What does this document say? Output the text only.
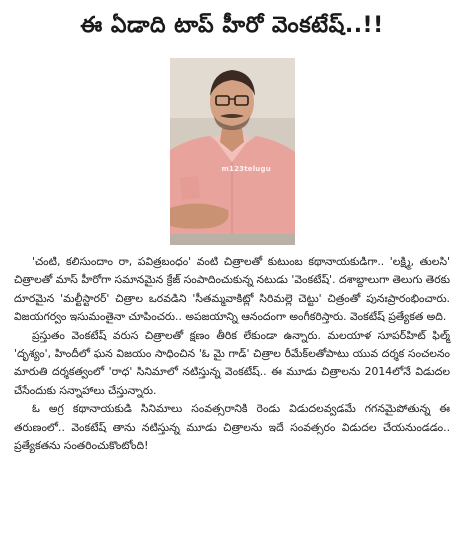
ఈ ఏడాది టాప్ హీరో వెంకటేష్..!!
m123telugu

'చంటి, కలిసుందాం రా, పవిత్రబంధం' వంటి చిత్రాలతో కుటుంబ కథానాయకుడిగా.. 'లక్ష్మి, తులసి' చిత్రాలతో మాస్ హీరోగా సమానమైన క్రేజ్ సంపాదించుకున్న నటుడు 'వెంకటేష్'. దశాబ్దాలుగా తెలుగు తెరకు దూరమైన 'మల్టీస్టారర్' చిత్రాల ఒరవడిని 'సీతమ్మవాకిట్లో సిరిమల్లె చెట్టు' చిత్రంతో పునఃప్రారంభించారు. విజయగర్వం ఇసుమంతైనా చూపించరు.. అపజయాన్ని ఆనందంగా అంగీకరిస్తారు. వెంకటేష్ ప్రత్యేకత అది.

ప్రస్తుతం వెంకటేష్ వరుస చిత్రాలతో క్షణం తీరిక లేకుండా ఉన్నారు. మలయాళ సూపర్‌హిట్ ఫిల్మ్ 'దృశ్యం', హిందీలో ఘన విజయం సాధించిన 'ఓ మై గాడ్' చిత్రాల రీమేక్‌లతోపాటు యువ దర్శక సంచలనం మారుతి దర్శకత్వంలో 'రాధ' సినిమాలో నటిస్తున్న వెంకటేష్.. ఈ మూడు చిత్రాలను 2014లోనే విడుదల చేసేందుకు సన్నాహాలు చేస్తున్నారు.

ఓ అగ్ర కథానాయకుడి సినిమాలు సంవత్సరానికి రెండు విడుదలవ్వడమే గగనమైపోతున్న ఈ తరుణంలో.. వెంకటేష్ తాను నటిస్తున్న మూడు చిత్రాలను ఇదే సంవత్సరం విడుదల చేయనుండడం.. ప్రత్యేకతను సంతరించుకొంటోంది!
